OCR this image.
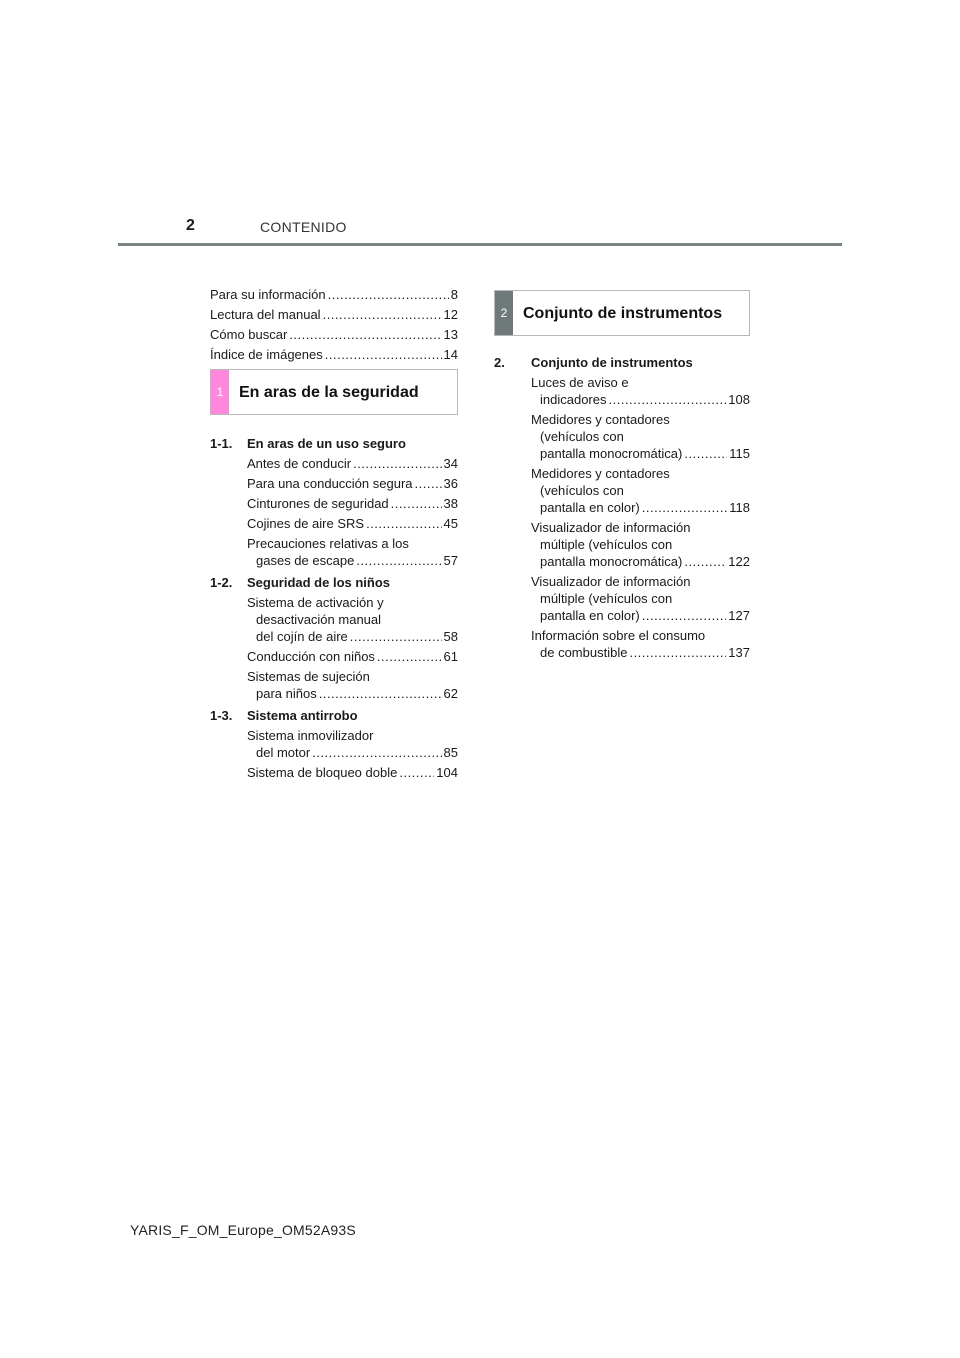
2	CONTENIDO
Para su información .....	8
Lectura del manual .....	12
Cómo buscar .....	13
Índice de imágenes .....	14
1 En aras de la seguridad
1-1.	En aras de un uso seguro
Antes de conducir .....	34
Para una conducción segura ..... 36
Cinturones de seguridad .....	38
Cojines de aire SRS .....	45
Precauciones relativas a los
gases de escape .....	57
1-2.	Seguridad de los niños
Sistema de activación y
desactivación manual
del cojín de aire .....	58
Conducción con niños .....	61
Sistemas de sujeción
para niños .....	62
1-3.	Sistema antirrobo
Sistema inmovilizador
del motor .....	85
Sistema de bloqueo doble .....	104
2 Conjunto de instrumentos
2.	Conjunto de instrumentos
Luces de aviso e
indicadores .....	108
Medidores y contadores
(vehículos con
pantalla monocromática) .....	115
Medidores y contadores
(vehículos con
pantalla en color) .....	118
Visualizador de información
múltiple (vehículos con
pantalla monocromática) .....	122
Visualizador de información
múltiple (vehículos con
pantalla en color) .....	127
Información sobre el consumo
de combustible .....	137
YARIS_F_OM_Europe_OM52A93S
